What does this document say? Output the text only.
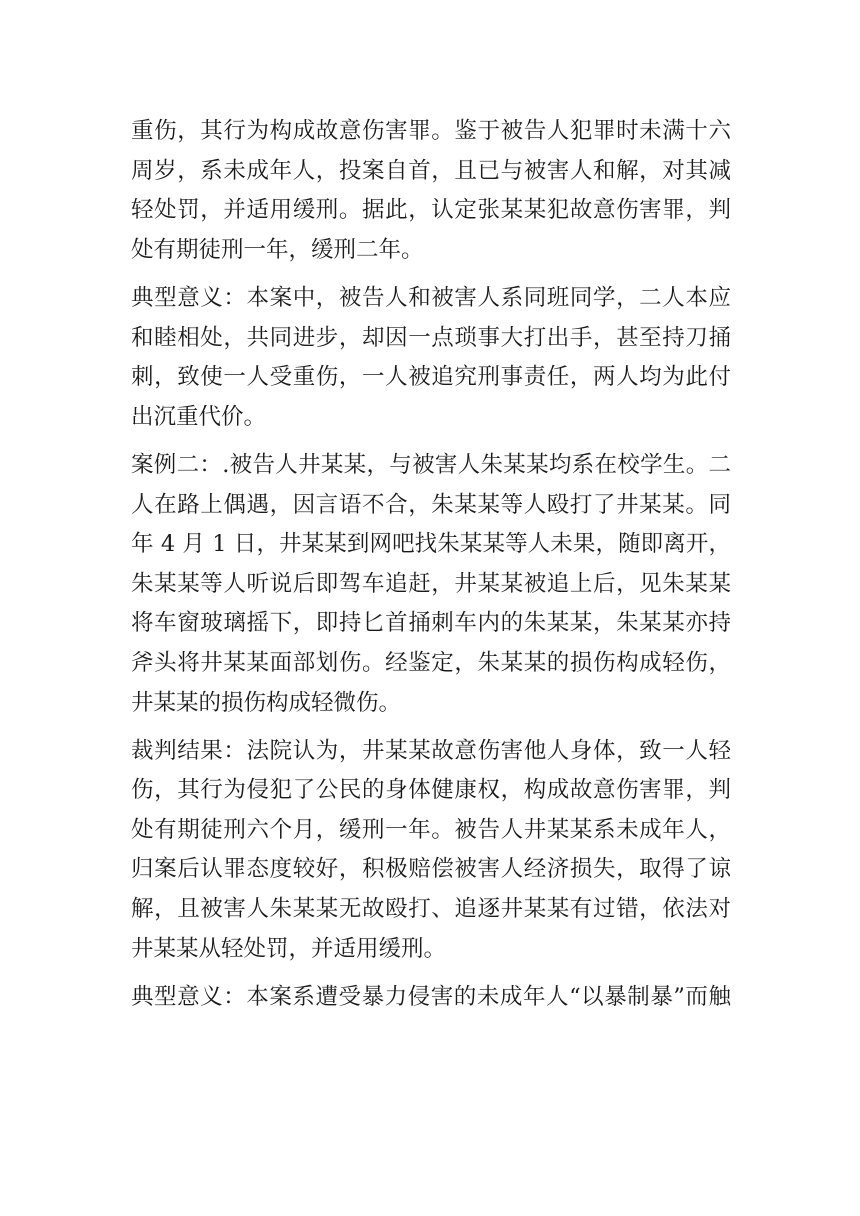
重伤，其行为构成故意伤害罪。鉴于被告人犯罪时未满十六
周岁，系未成年人，投案自首，且已与被害人和解，对其减
轻处罚，并适用缓刑。据此，认定张某某犯故意伤害罪，判
处有期徒刑一年，缓刑二年。
典型意义：本案中，被告人和被害人系同班同学，二人本应
和睦相处，共同进步，却因一点琐事大打出手，甚至持刀捅
刺，致使一人受重伤，一人被追究刑事责任，两人均为此付
出沉重代价。
案例二：.被告人井某某，与被害人朱某某均系在校学生。二
人在路上偶遇，因言语不合，朱某某等人殴打了井某某。同
年 4 月 1 日，井某某到网吧找朱某某等人未果，随即离开，
朱某某等人听说后即驾车追赶，井某某被追上后，见朱某某
将车窗玻璃摇下，即持匕首捅刺车内的朱某某，朱某某亦持
斧头将井某某面部划伤。经鉴定，朱某某的损伤构成轻伤，
井某某的损伤构成轻微伤。
裁判结果：法院认为，井某某故意伤害他人身体，致一人轻
伤，其行为侵犯了公民的身体健康权，构成故意伤害罪，判
处有期徒刑六个月，缓刑一年。被告人井某某系未成年人，
归案后认罪态度较好，积极赔偿被害人经济损失，取得了谅
解，且被害人朱某某无故殴打、追逐井某某有过错，依法对
井某某从轻处罚，并适用缓刑。
典型意义：本案系遭受暴力侵害的未成年人“以暴制暴”而触
